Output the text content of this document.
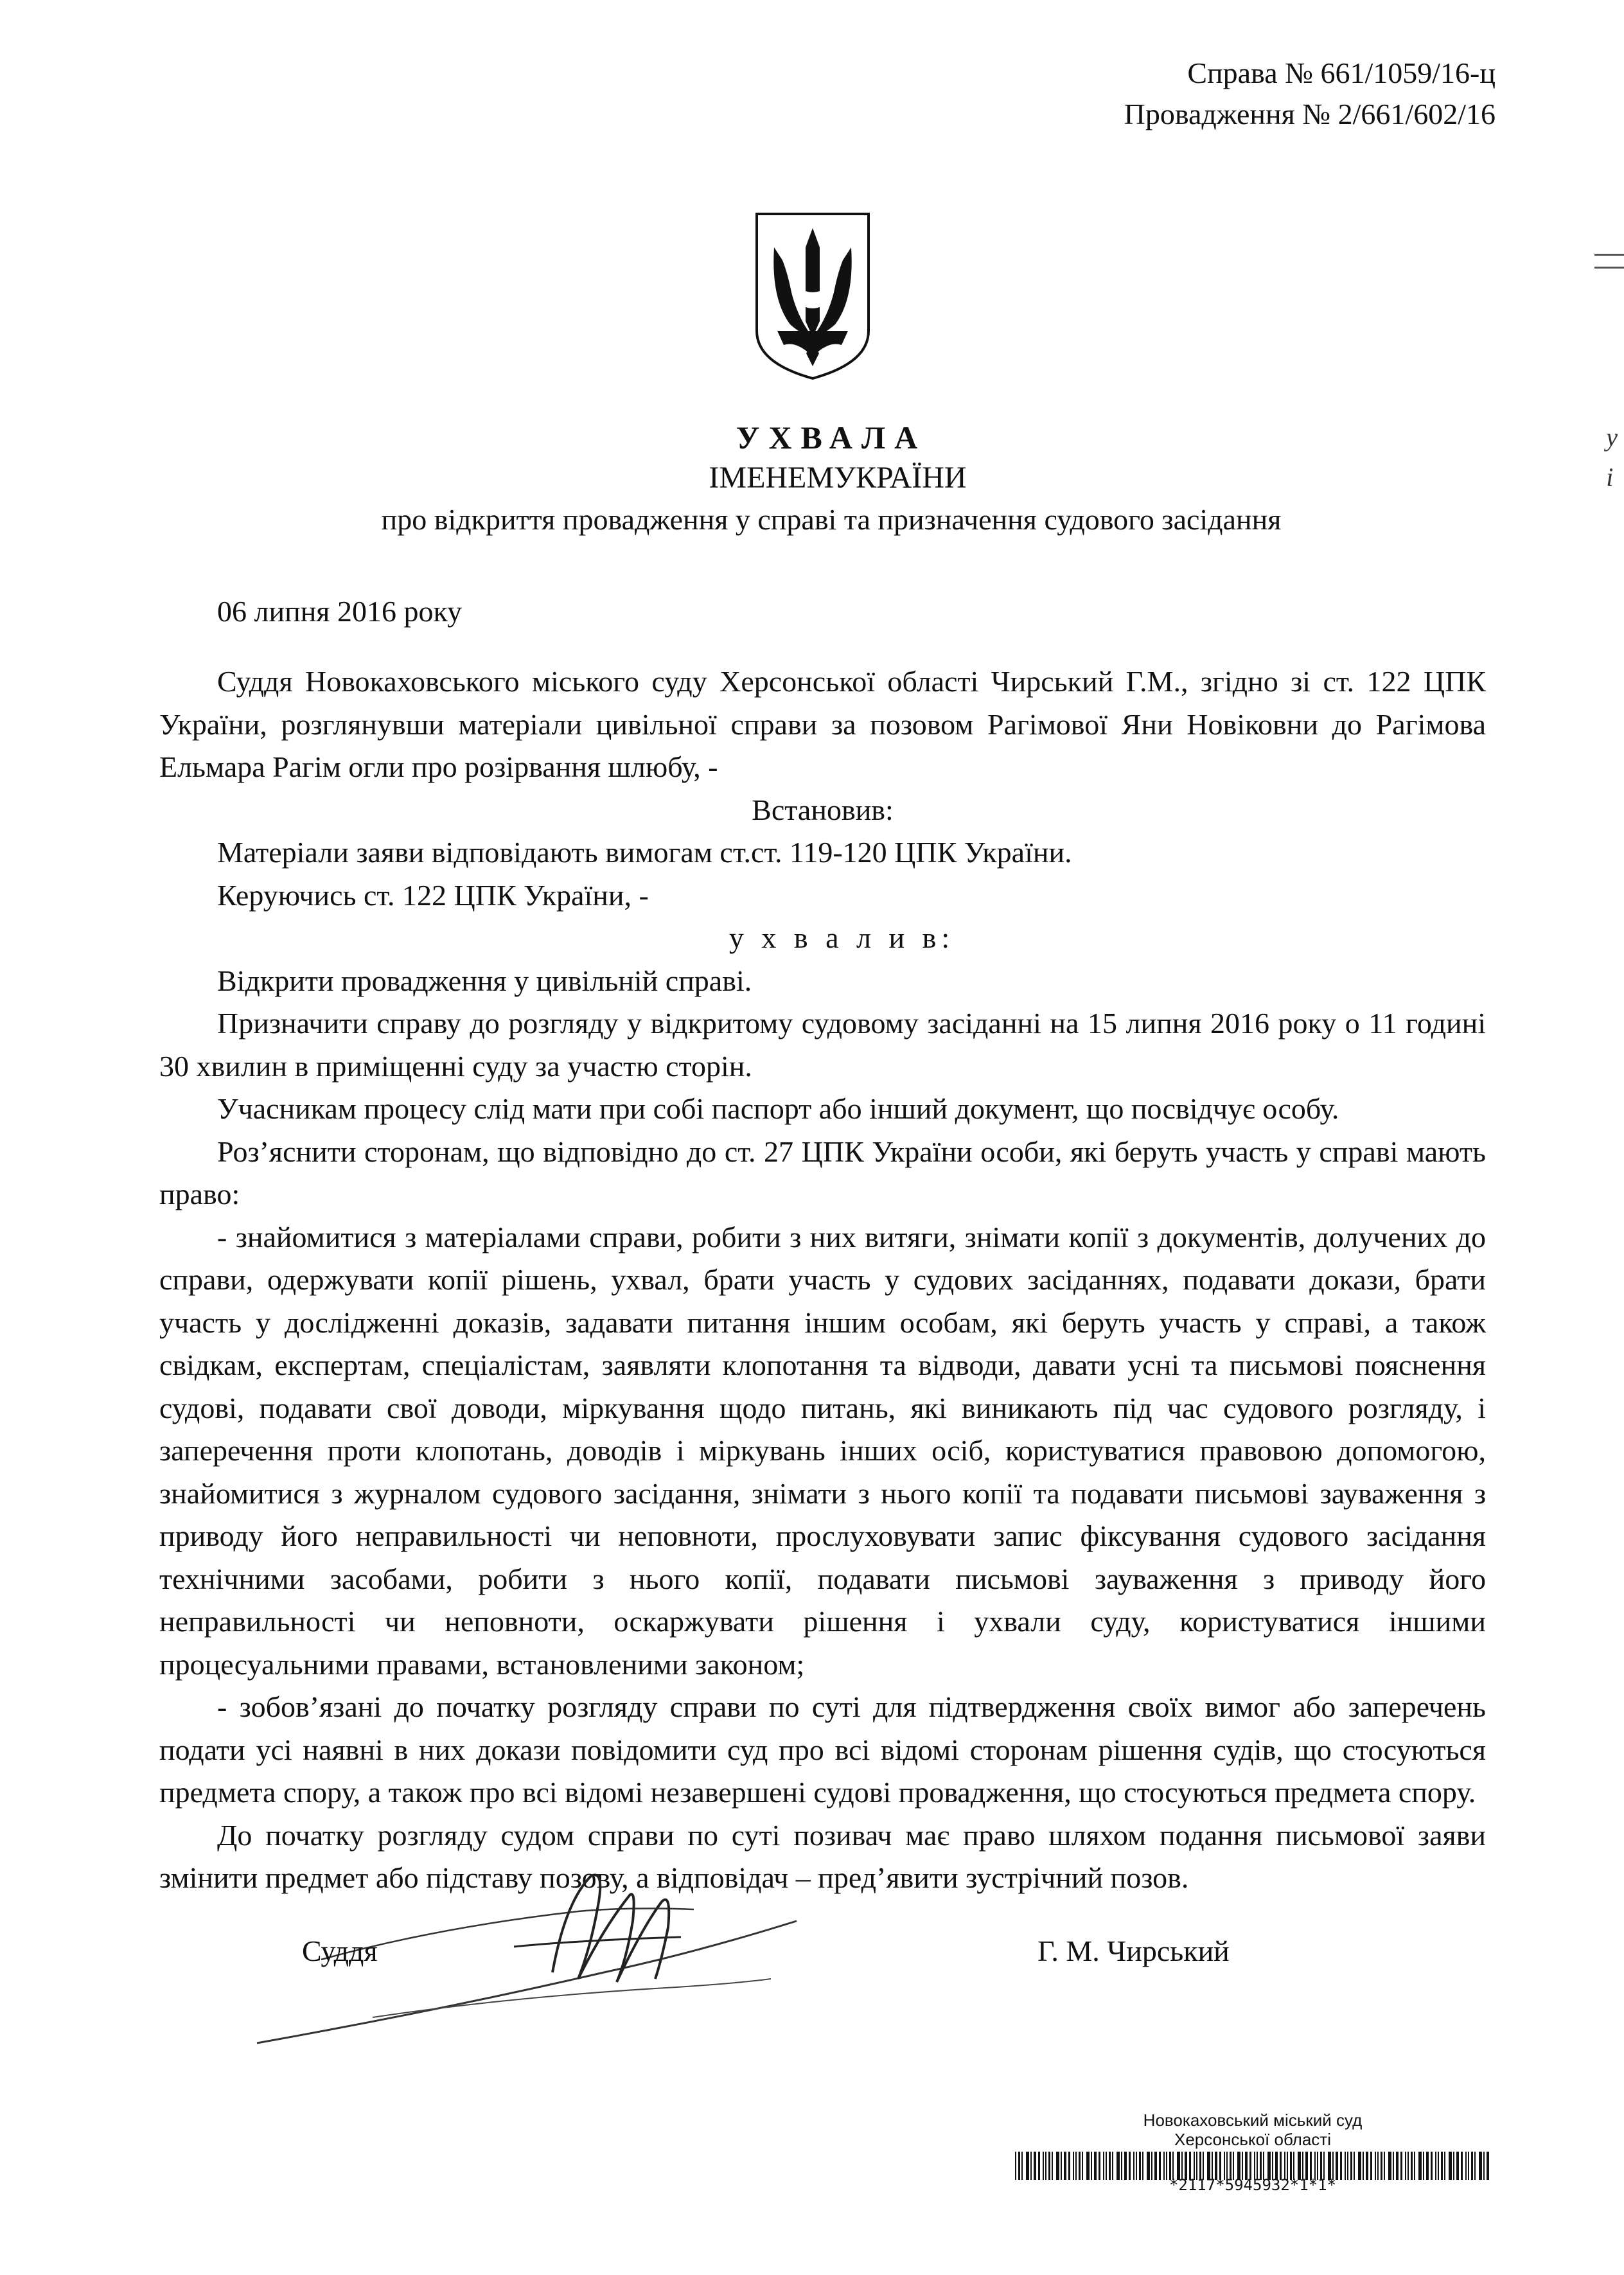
Справа № 661/1059/16-ц
Провадження № 2/661/602/16
УХВАЛА
ІМЕНЕМУКРАЇНИ
про відкриття провадження у справі та призначення судового засідання
06 липня 2016 року

Суддя Новокаховського міського суду Херсонської області Чирський Г.М., згідно зі ст. 122 ЦПК України, розглянувши матеріали цивільної справи за позовом Рагімової Яни Новіковни до Рагімова Ельмара Рагім огли про розірвання шлюбу, -

Встановив:

Матеріали заяви відповідають вимогам ст.ст. 119-120 ЦПК України.

Керуючись ст. 122 ЦПК України, -

у х в а л и в:

Відкрити провадження у цивільній справі.

Призначити справу до розгляду у відкритому судовому засіданні на 15 липня 2016 року о 11 годині 30 хвилин в приміщенні суду за участю сторін.

Учасникам процесу слід мати при собі паспорт або інший документ, що посвідчує особу.

Роз’яснити сторонам, що відповідно до ст. 27 ЦПК України особи, які беруть участь у справі мають право:

- знайомитися з матеріалами справи, робити з них витяги, знімати копії з документів, долучених до справи, одержувати копії рішень, ухвал, брати участь у судових засіданнях, подавати докази, брати участь у дослідженні доказів, задавати питання іншим особам, які беруть участь у справі, а також свідкам, експертам, спеціалістам, заявляти клопотання та відводи, давати усні та письмові пояснення судові, подавати свої доводи, міркування щодо питань, які виникають під час судового розгляду, і заперечення проти клопотань, доводів і міркувань інших осіб, користуватися правовою допомогою, знайомитися з журналом судового засідання, знімати з нього копії та подавати письмові зауваження з приводу його неправильності чи неповноти, прослуховувати запис фіксування судового засідання технічними засобами, робити з нього копії, подавати письмові зауваження з приводу його неправильності чи неповноти, оскаржувати рішення і ухвали суду, користуватися іншими процесуальними правами, встановленими законом;

- зобов’язані до початку розгляду справи по суті для підтвердження своїх вимог або заперечень подати усі наявні в них докази повідомити суд про всі відомі сторонам рішення судів, що стосуються предмета спору, а також про всі відомі незавершені судові провадження, що стосуються предмета спору.

До початку розгляду судом справи по суті позивач має право шляхом подання письмової заяви змінити предмет або підставу позову, а відповідач – пред’явити зустрічний позов.

Суддя	Г. М. Чирський
Новокаховський міський суд
Херсонської області
*2117*5945932*1*1*
у
і
